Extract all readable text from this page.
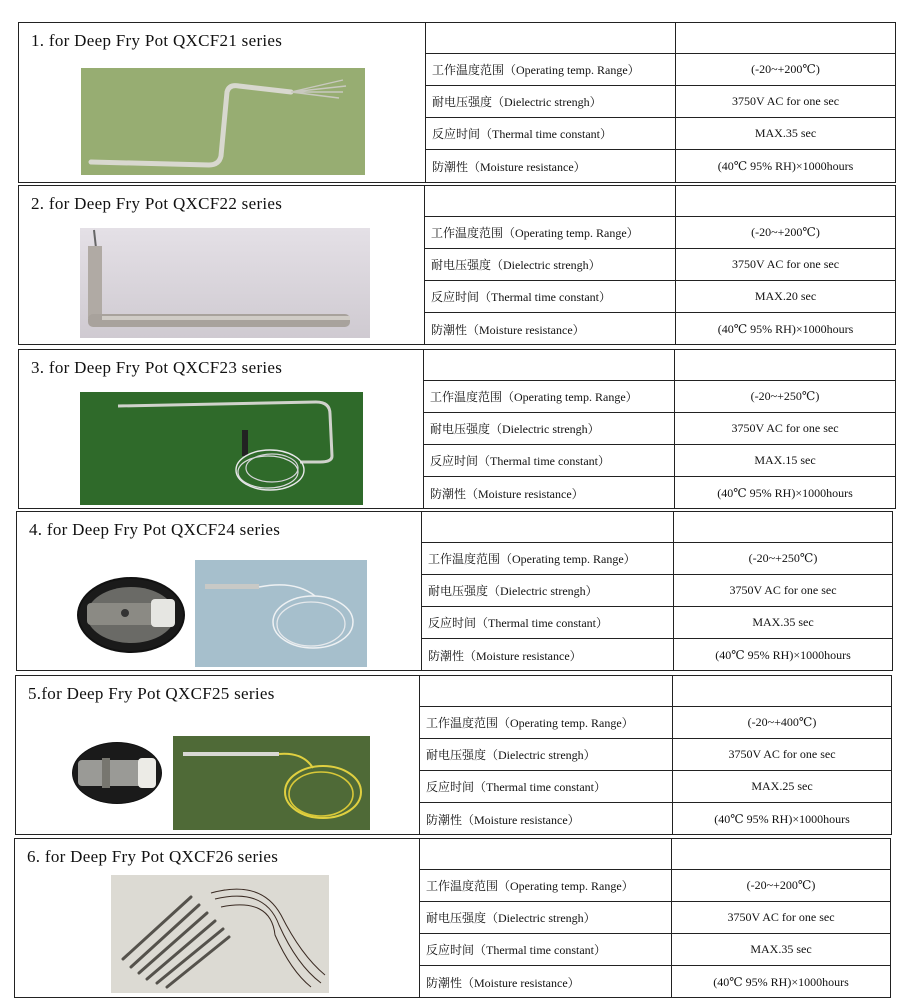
1. for Deep Fry Pot QXCF21 series
工作温度范围 （Operating temp. Range）	(-20~+200℃)
耐电压强度 （Dielectric strengh）	3750V AC for one sec
反应时间 （Thermal time constant）	MAX.35 sec
防潮性 （Moisture resistance）	(40℃ 95% RH)×1000hours
2. for Deep Fry Pot QXCF22 series
工作温度范围 （Operating temp. Range）	(-20~+200℃)
耐电压强度 （Dielectric strengh）	3750V AC for one sec
反应时间 （Thermal time constant）	MAX.20 sec
防潮性 （Moisture resistance）	(40℃ 95% RH)×1000hours
3. for Deep Fry Pot QXCF23 series
工作温度范围 （Operating temp. Range）	(-20~+250℃)
耐电压强度 （Dielectric strengh）	3750V AC for one sec
反应时间 （Thermal time constant）	MAX.15 sec
防潮性 （Moisture resistance）	(40℃ 95% RH)×1000hours
4. for Deep Fry Pot QXCF24 series
工作温度范围 （Operating temp. Range）	(-20~+250℃)
耐电压强度 （Dielectric strengh）	3750V AC for one sec
反应时间 （Thermal time constant）	MAX.35 sec
防潮性 （Moisture resistance）	(40℃ 95% RH)×1000hours
5.for Deep Fry Pot QXCF25 series
工作温度范围 （Operating temp. Range）	(-20~+400℃)
耐电压强度 （Dielectric strengh）	3750V AC for one sec
反应时间 （Thermal time constant）	MAX.25 sec
防潮性 （Moisture resistance）	(40℃ 95% RH)×1000hours
6. for Deep Fry Pot QXCF26 series
工作温度范围 （Operating temp. Range）	(-20~+200℃)
耐电压强度 （Dielectric strengh）	3750V AC for one sec
反应时间 （Thermal time constant）	MAX.35 sec
防潮性 （Moisture resistance）	(40℃ 95% RH)×1000hours
